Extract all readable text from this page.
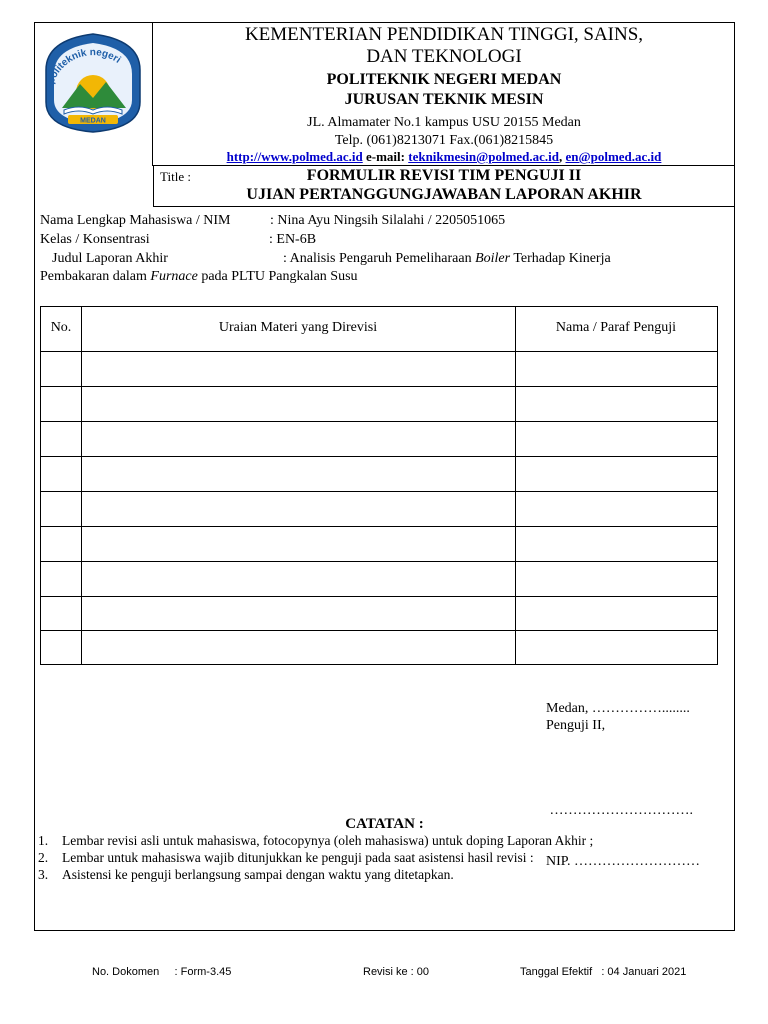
politeknik negeri
MEDAN
KEMENTERIAN PENDIDIKAN TINGGI, SAINS,
DAN TEKNOLOGI
POLITEKNIK NEGERI MEDAN
JURUSAN TEKNIK MESIN
JL. Almamater No.1 kampus USU 20155 Medan
Telp. (061)8213071 Fax.(061)8215845
http://www.polmed.ac.id e-mail: teknikmesin@polmed.ac.id, en@polmed.ac.id
Title :	FORMULIR REVISI TIM PENGUJI II
UJIAN PERTANGGUNGJAWABAN LAPORAN AKHIR
Nama Lengkap Mahasiswa / NIM	: Nina Ayu Ningsih Silalahi / 2205051065
Kelas / Konsentrasi	: EN-6B
Judul Laporan Akhir	: Analisis Pengaruh Pemeliharaan Boiler Terhadap Kinerja
Pembakaran dalam Furnace pada PLTU Pangkalan Susu
No.	Uraian Materi yang Direvisi	Nama / Paraf Penguji
Medan, ……………........
Penguji II,

………………………….

NIP. ………………………

CATATAN :
1. Lembar revisi asli untuk mahasiswa, fotocopynya (oleh mahasiswa) untuk doping Laporan Akhir ;
2. Lembar untuk mahasiswa wajib ditunjukkan ke penguji pada saat asistensi hasil revisi :
3. Asistensi ke penguji berlangsung sampai dengan waktu yang ditetapkan.
No. Dokomen     : Form-3.45	Revisi ke : 00	Tanggal Efektif   : 04 Januari 2021
